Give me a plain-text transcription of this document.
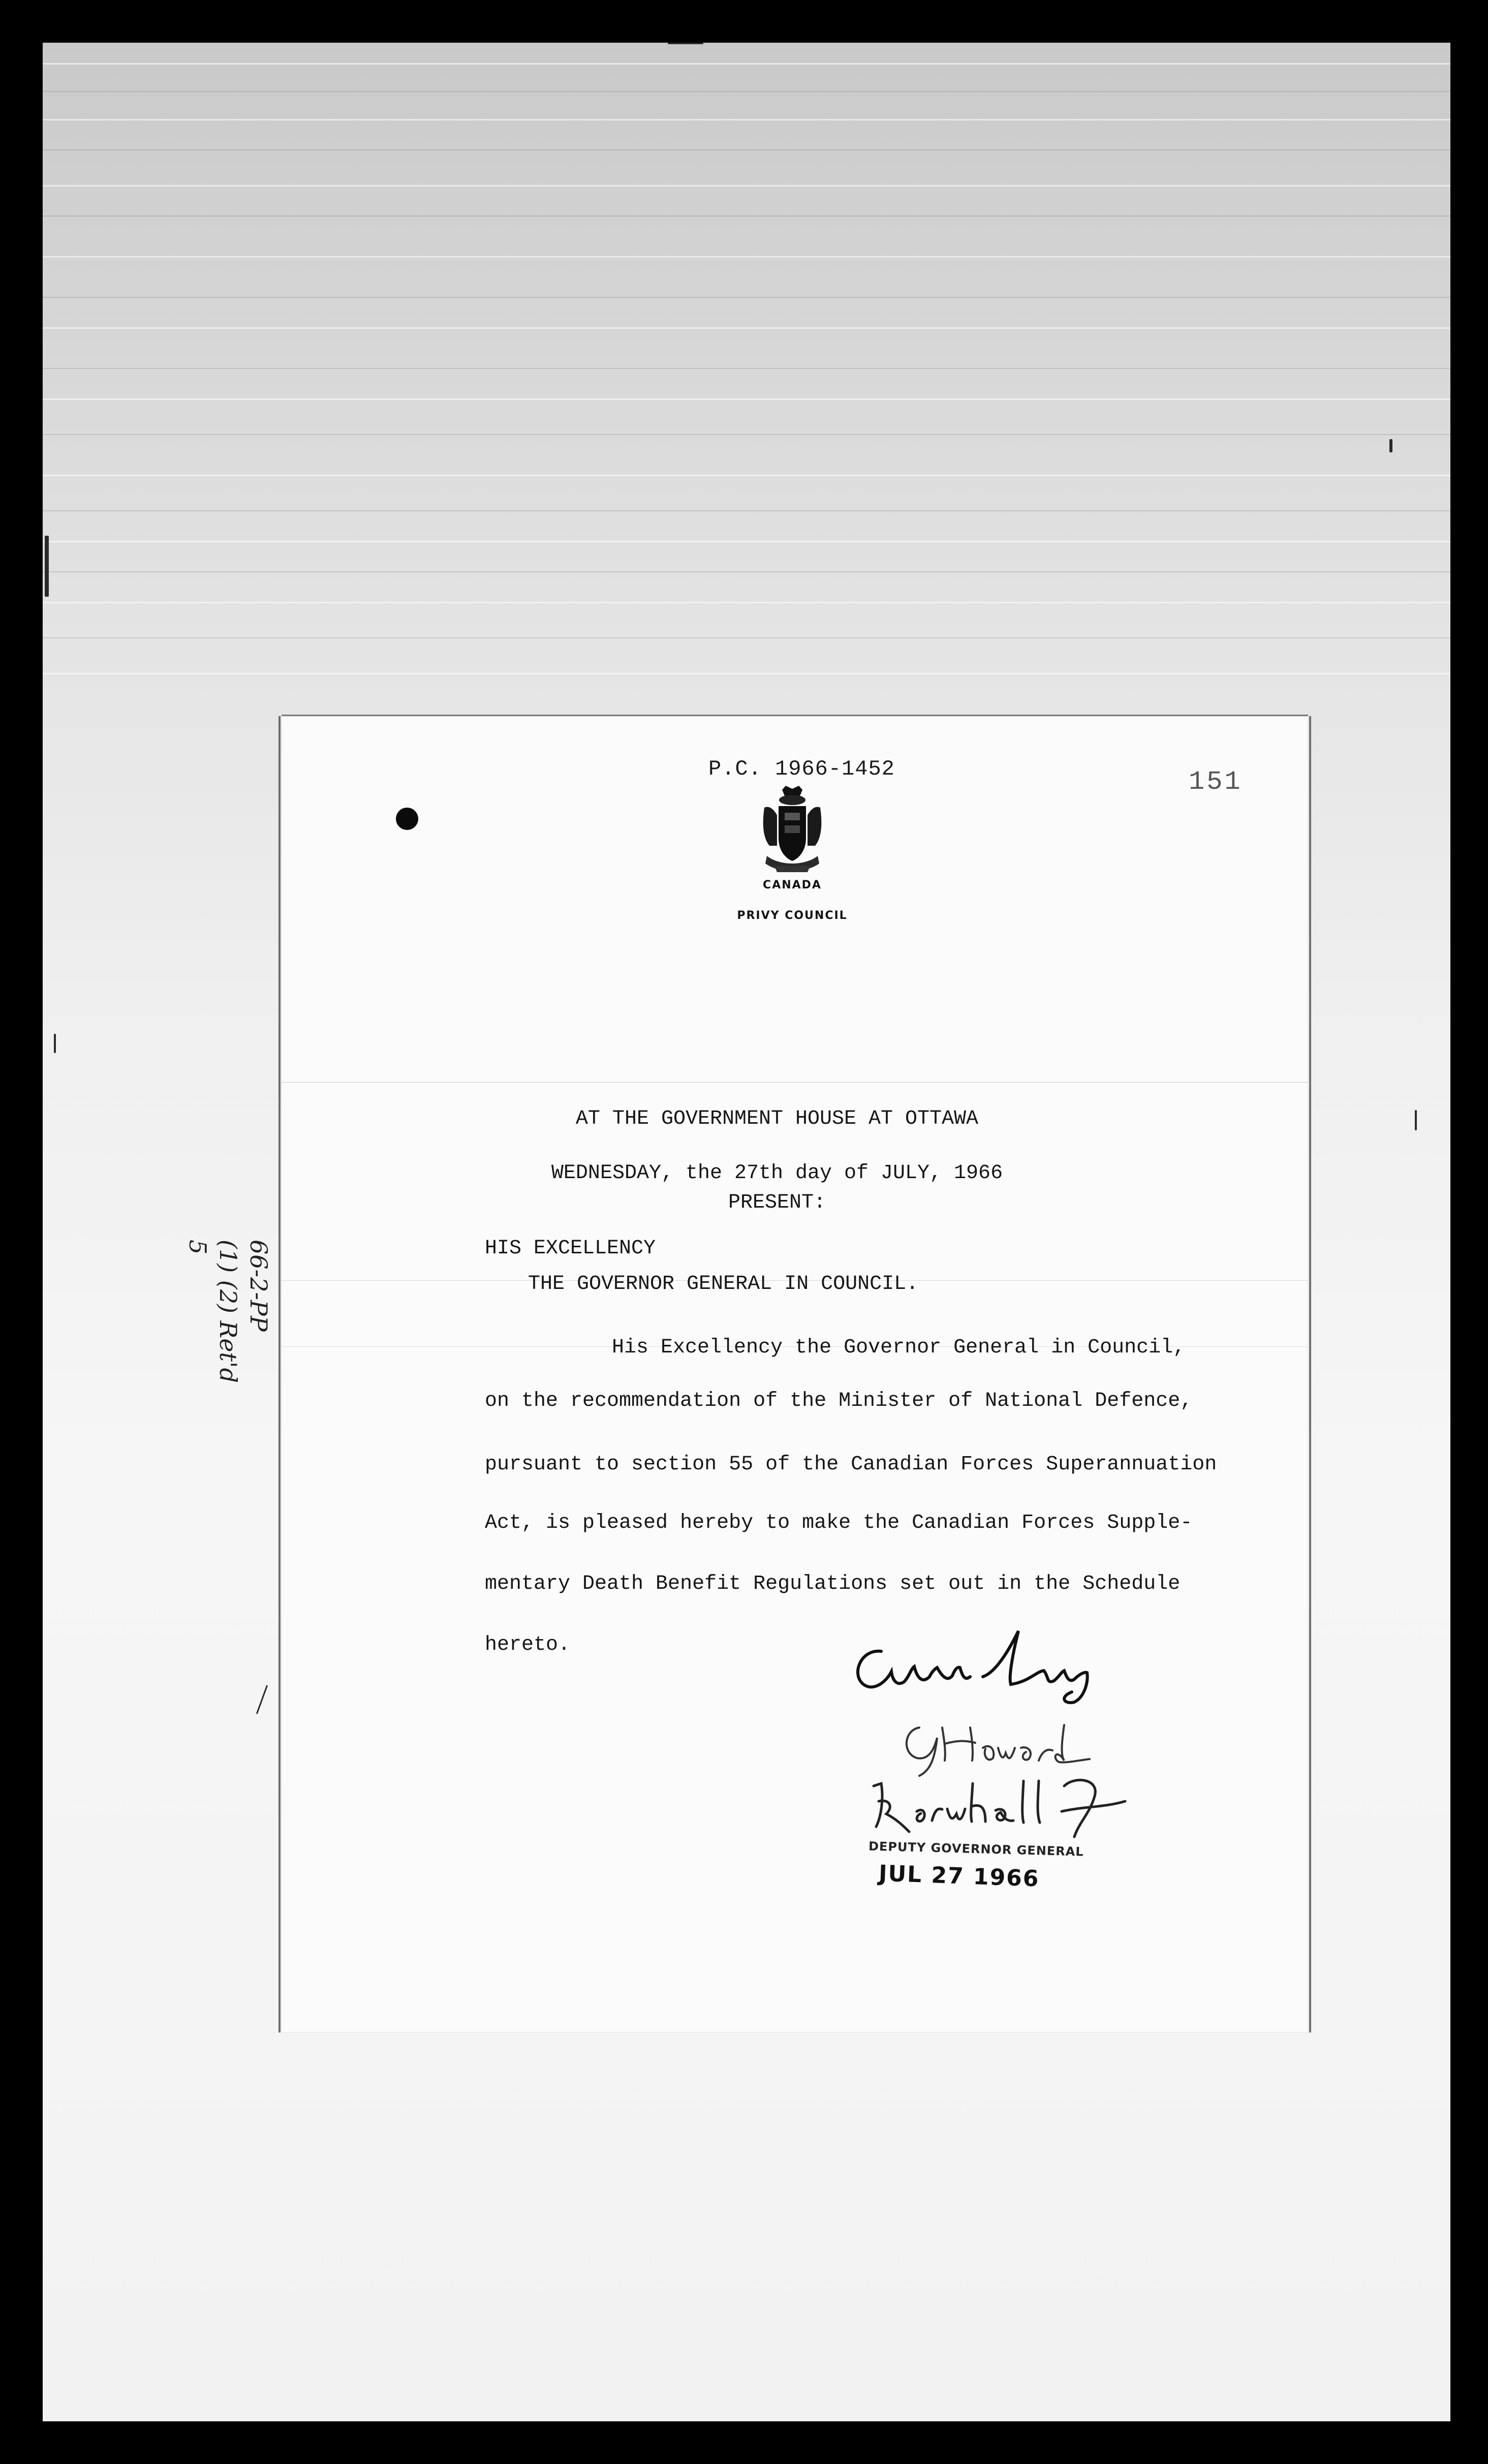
P.C. 1966-1452	151
CANADA
PRIVY COUNCIL
AT THE GOVERNMENT HOUSE AT OTTAWA
WEDNESDAY, the 27th day of JULY, 1966
PRESENT:
HIS EXCELLENCY
THE GOVERNOR GENERAL IN COUNCIL.
His Excellency the Governor General in Council,
on the recommendation of the Minister of National Defence,
pursuant to section 55 of the Canadian Forces Superannuation
Act, is pleased hereby to make the Canadian Forces Supple-
mentary Death Benefit Regulations set out in the Schedule
hereto.
DEPUTY GOVERNOR GENERAL
JUL 27 1966
66-2-PP
(1) (2) Ret'd
5
